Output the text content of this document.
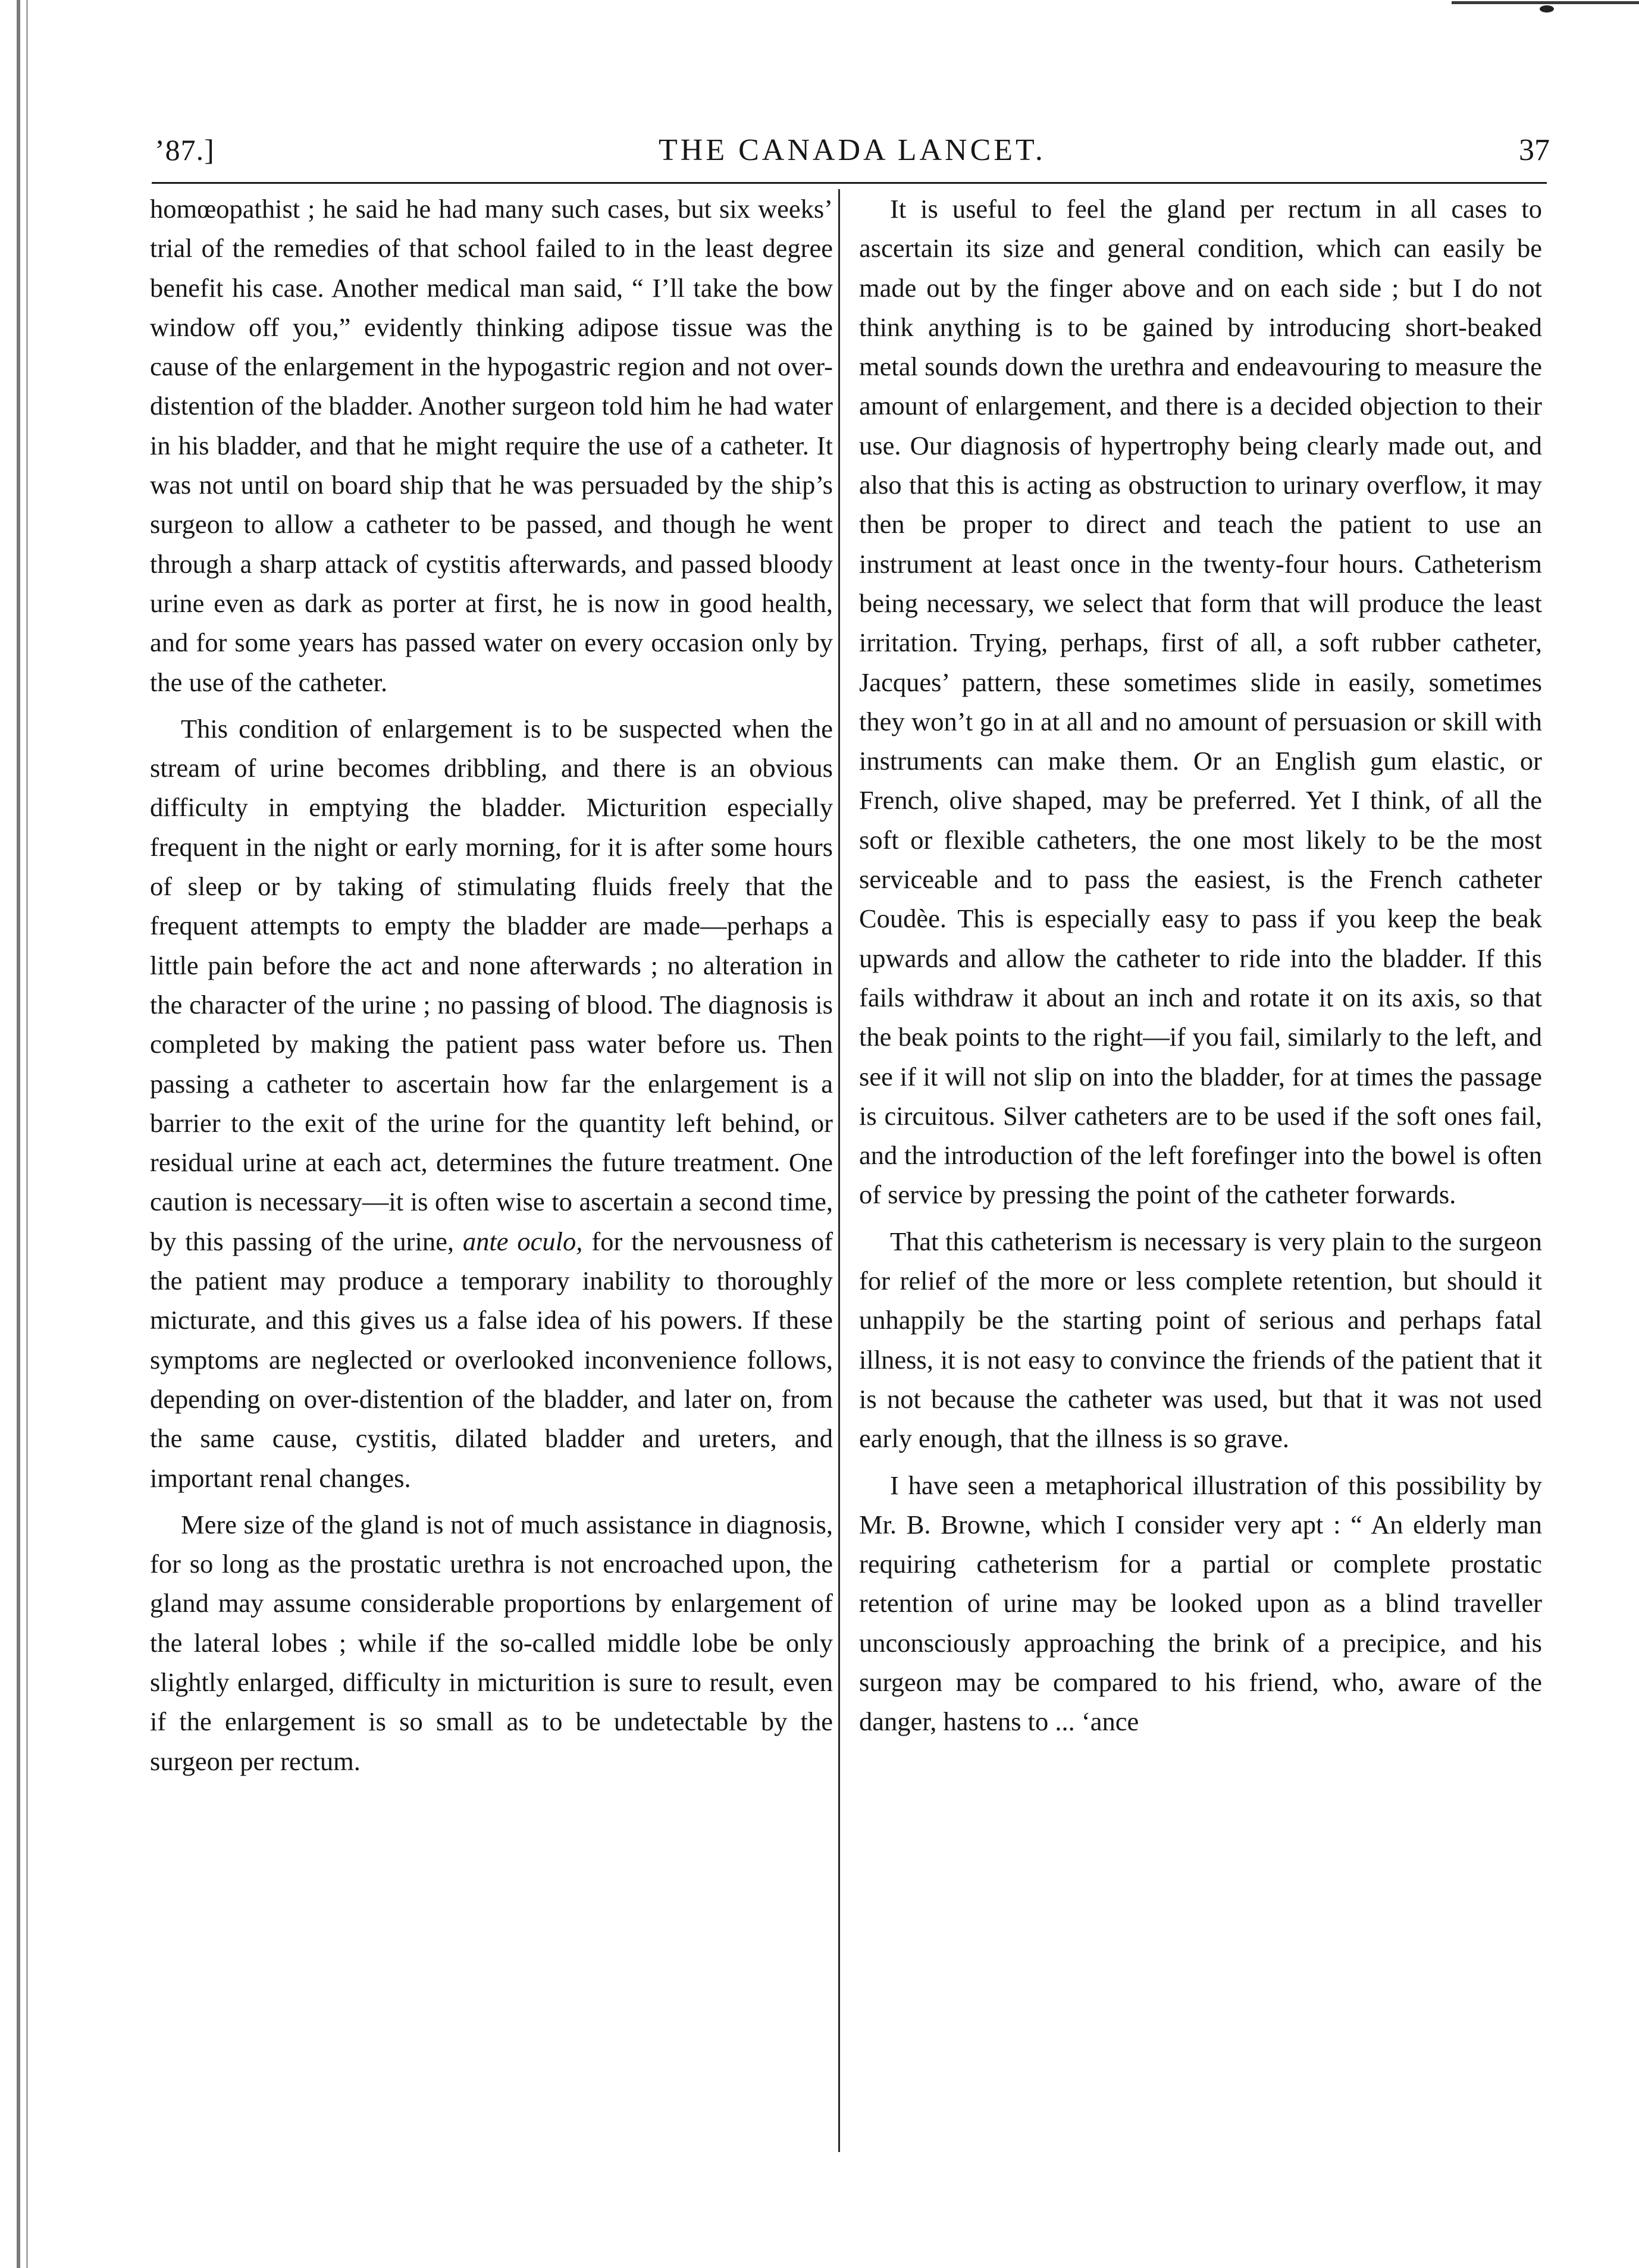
’87.]	THE CANADA LANCET.	37

homœopathist ; he said he had many such cases, but six weeks’ trial of the remedies of that school failed to in the least degree benefit his case. Another medical man said, “ I’ll take the bow window off you,” evidently thinking adipose tissue was the cause of the enlargement in the hypogastric region and not over-distention of the bladder. Another surgeon told him he had water in his bladder, and that he might require the use of a catheter. It was not until on board ship that he was persuaded by the ship’s surgeon to allow a catheter to be passed, and though he went through a sharp attack of cystitis afterwards, and passed bloody urine even as dark as porter at first, he is now in good health, and for some years has passed water on every occasion only by the use of the catheter.

This condition of enlargement is to be suspected when the stream of urine becomes dribbling, and there is an obvious difficulty in emptying the bladder. Micturition especially frequent in the night or early morning, for it is after some hours of sleep or by taking of stimulating fluids freely that the frequent attempts to empty the bladder are made—perhaps a little pain before the act and none afterwards ; no alteration in the character of the urine ; no passing of blood. The diagnosis is completed by making the patient pass water before us. Then passing a catheter to ascertain how far the enlargement is a barrier to the exit of the urine for the quantity left behind, or residual urine at each act, determines the future treatment. One caution is necessary—it is often wise to ascertain a second time, by this passing of the urine, ante oculo, for the nervousness of the patient may produce a temporary inability to thoroughly micturate, and this gives us a false idea of his powers. If these symptoms are neglected or overlooked inconvenience follows, depending on over-distention of the bladder, and later on, from the same cause, cystitis, dilated bladder and ureters, and important renal changes.

Mere size of the gland is not of much assistance in diagnosis, for so long as the prostatic urethra is not encroached upon, the gland may assume considerable proportions by enlargement of the lateral lobes ; while if the so-called middle lobe be only slightly enlarged, difficulty in micturition is sure to result, even if the enlargement is so small as to be undetectable by the surgeon per rectum.

It is useful to feel the gland per rectum in all cases to ascertain its size and general condition, which can easily be made out by the finger above and on each side ; but I do not think anything is to be gained by introducing short-beaked metal sounds down the urethra and endeavouring to measure the amount of enlargement, and there is a decided objection to their use. Our diagnosis of hypertrophy being clearly made out, and also that this is acting as obstruction to urinary overflow, it may then be proper to direct and teach the patient to use an instrument at least once in the twenty-four hours. Catheterism being necessary, we select that form that will produce the least irritation. Trying, perhaps, first of all, a soft rubber catheter, Jacques’ pattern, these sometimes slide in easily, sometimes they won’t go in at all and no amount of persuasion or skill with instruments can make them. Or an English gum elastic, or French, olive shaped, may be preferred. Yet I think, of all the soft or flexible catheters, the one most likely to be the most serviceable and to pass the easiest, is the French catheter Coudèe. This is especially easy to pass if you keep the beak upwards and allow the catheter to ride into the bladder. If this fails withdraw it about an inch and rotate it on its axis, so that the beak points to the right—if you fail, similarly to the left, and see if it will not slip on into the bladder, for at times the passage is circuitous. Silver catheters are to be used if the soft ones fail, and the introduction of the left forefinger into the bowel is often of service by pressing the point of the catheter forwards.

That this catheterism is necessary is very plain to the surgeon for relief of the more or less complete retention, but should it unhappily be the starting point of serious and perhaps fatal illness, it is not easy to convince the friends of the patient that it is not because the catheter was used, but that it was not used early enough, that the illness is so grave.

I have seen a metaphorical illustration of this possibility by Mr. B. Browne, which I consider very apt : “ An elderly man requiring catheterism for a partial or complete prostatic retention of urine may be looked upon as a blind traveller unconsciously approaching the brink of a precipice, and his surgeon may be compared to his friend, who, aware of the danger, hastens to ... ‘ance
